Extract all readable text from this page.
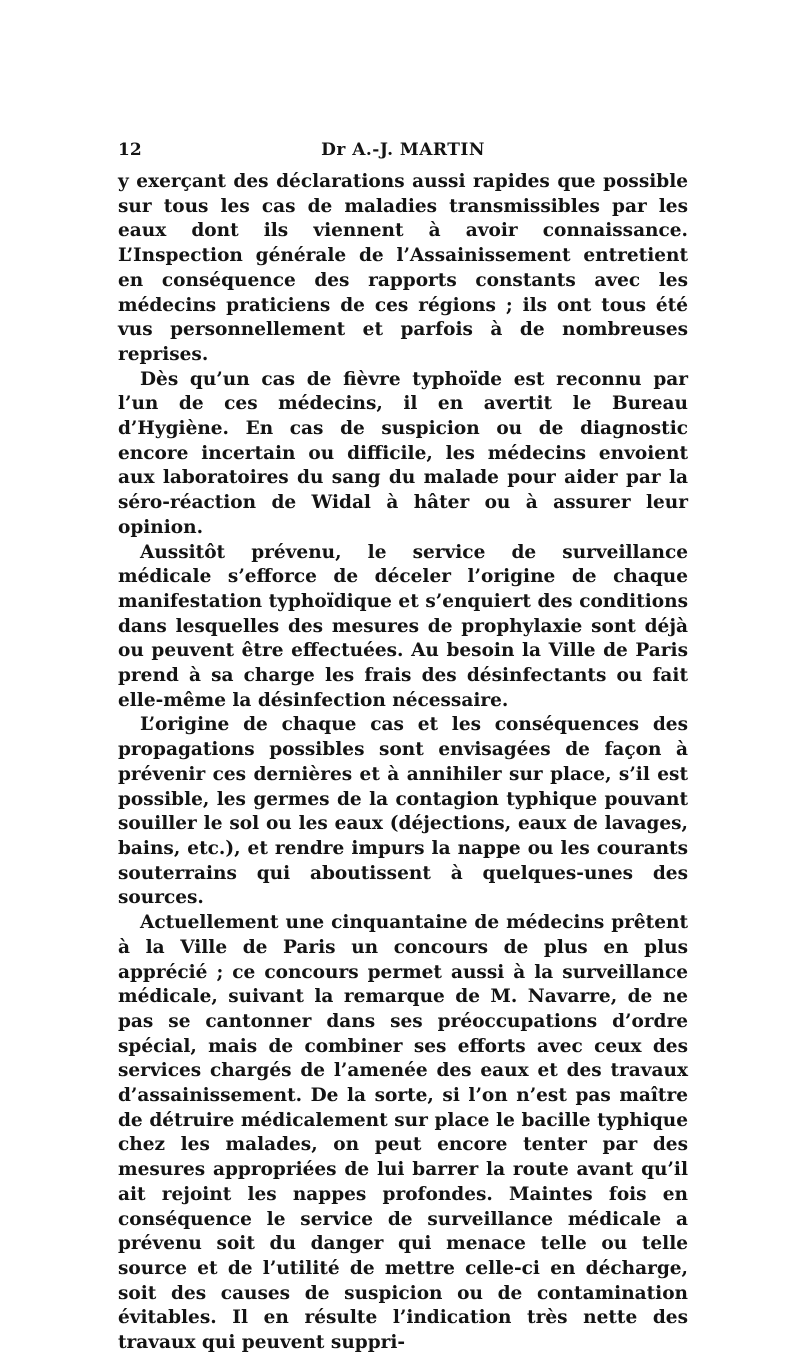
12	Dr A.-J. MARTIN

y exerçant des déclarations aussi rapides que possible sur tous les cas de maladies transmissibles par les eaux dont ils viennent à avoir connaissance. L’Inspection générale de l’Assainissement entretient en conséquence des rapports constants avec les médecins praticiens de ces régions ; ils ont tous été vus personnellement et parfois à de nombreuses reprises.

Dès qu’un cas de fièvre typhoïde est reconnu par l’un de ces médecins, il en avertit le Bureau d’Hygiène. En cas de suspicion ou de diagnostic encore incertain ou difficile, les médecins envoient aux laboratoires du sang du malade pour aider par la séro-réaction de Widal à hâter ou à assurer leur opinion.

Aussitôt prévenu, le service de surveillance médicale s’efforce de déceler l’origine de chaque manifestation typhoïdique et s’enquiert des conditions dans lesquelles des mesures de prophylaxie sont déjà ou peuvent être effectuées. Au besoin la Ville de Paris prend à sa charge les frais des désinfectants ou fait elle-même la désinfection nécessaire.

L’origine de chaque cas et les conséquences des propagations possibles sont envisagées de façon à prévenir ces dernières et à annihiler sur place, s’il est possible, les germes de la contagion typhique pouvant souiller le sol ou les eaux (déjections, eaux de lavages, bains, etc.), et rendre impurs la nappe ou les courants souterrains qui aboutissent à quelques-unes des sources.

Actuellement une cinquantaine de médecins prêtent à la Ville de Paris un concours de plus en plus apprécié ; ce concours permet aussi à la surveillance médicale, suivant la remarque de M. Navarre, de ne pas se cantonner dans ses préoccupations d’ordre spécial, mais de combiner ses efforts avec ceux des services chargés de l’amenée des eaux et des travaux d’assainissement. De la sorte, si l’on n’est pas maître de détruire médicalement sur place le bacille typhique chez les malades, on peut encore tenter par des mesures appropriées de lui barrer la route avant qu’il ait rejoint les nappes profondes. Maintes fois en conséquence le service de surveillance médicale a prévenu soit du danger qui menace telle ou telle source et de l’utilité de mettre celle-ci en décharge, soit des causes de suspicion ou de contamination évitables. Il en résulte l’indication très nette des travaux qui peuvent suppri-
